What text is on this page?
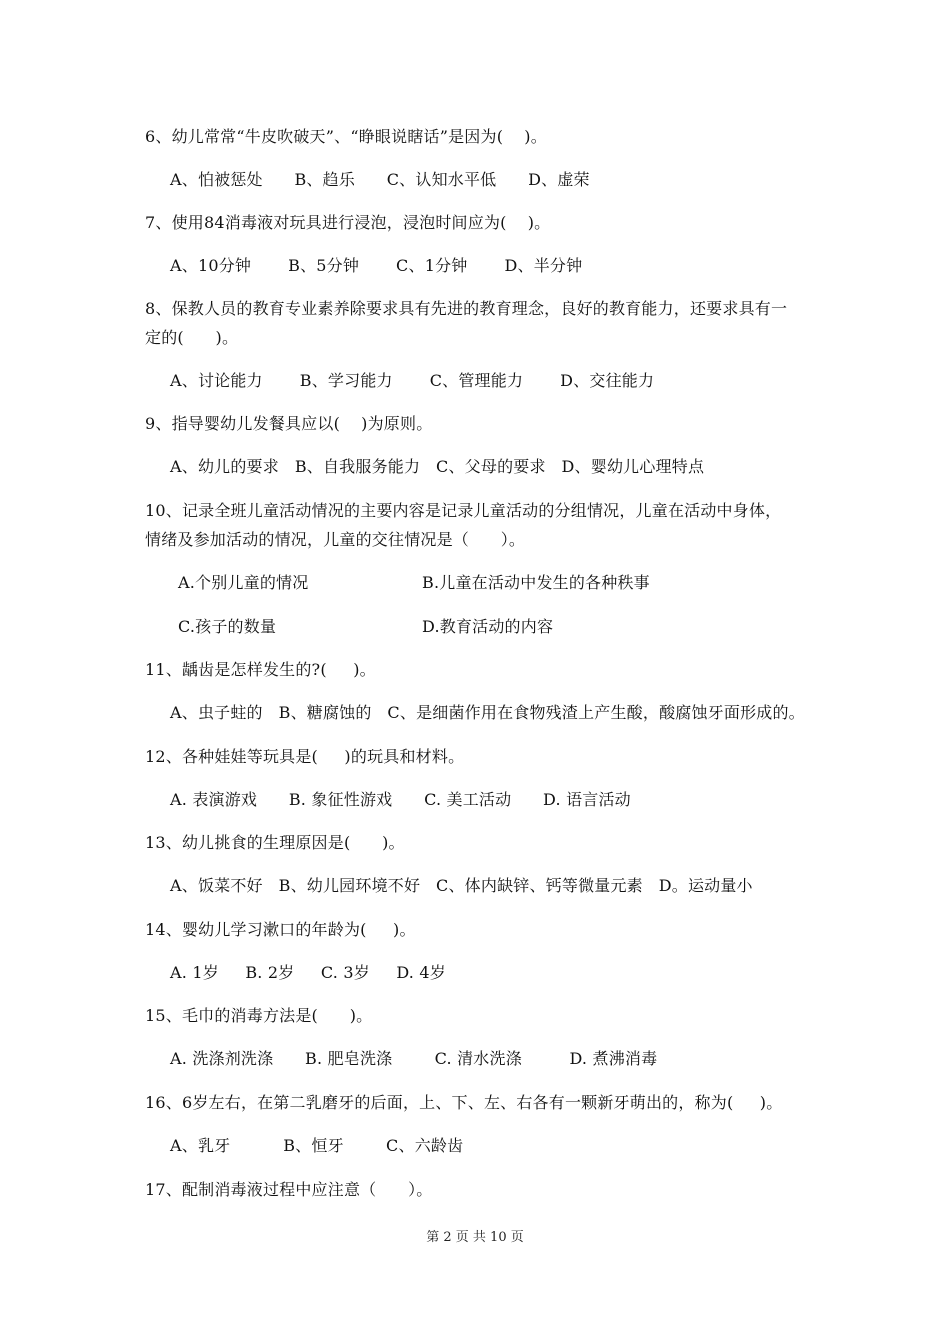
6、幼儿常常“牛皮吹破天”、“睁眼说瞎话”是因为(    )。
A、怕被惩处      B、趋乐      C、认知水平低      D、虚荣
7、使用84消毒液对玩具进行浸泡，浸泡时间应为(    )。
A、10分钟       B、5分钟       C、1分钟       D、半分钟
8、保教人员的教育专业素养除要求具有先进的教育理念，良好的教育能力，还要求具有一
定的(      )。
A、讨论能力       B、学习能力       C、管理能力       D、交往能力
9、指导婴幼儿发餐具应以(    )为原则。
A、幼儿的要求   B、自我服务能力   C、父母的要求   D、婴幼儿心理特点
10、记录全班儿童活动情况的主要内容是记录儿童活动的分组情况，儿童在活动中身体，
情绪及参加活动的情况，儿童的交往情况是（      ）。
A.个别儿童的情况	B.儿童在活动中发生的各种秩事
C.孩子的数量	D.教育活动的内容
11、龋齿是怎样发生的?(     )。
A、虫子蛀的   B、糖腐蚀的   C、是细菌作用在食物残渣上产生酸，酸腐蚀牙面形成的。
12、各种娃娃等玩具是(     )的玩具和材料。
A. 表演游戏      B. 象征性游戏      C. 美工活动      D. 语言活动
13、幼儿挑食的生理原因是(      )。
A、饭菜不好   B、幼儿园环境不好   C、体内缺锌、钙等微量元素   D。运动量小
14、婴幼儿学习漱口的年龄为(     )。
A. 1岁     B. 2岁     C. 3岁     D. 4岁
15、毛巾的消毒方法是(      )。
A. 洗涤剂洗涤      B. 肥皂洗涤        C. 清水洗涤         D. 煮沸消毒
16、6岁左右，在第二乳磨牙的后面，上、下、左、右各有一颗新牙萌出的，称为(     )。
A、乳牙          B、恒牙        C、六龄齿
17、配制消毒液过程中应注意（      ）。
第 2 页 共 10 页
